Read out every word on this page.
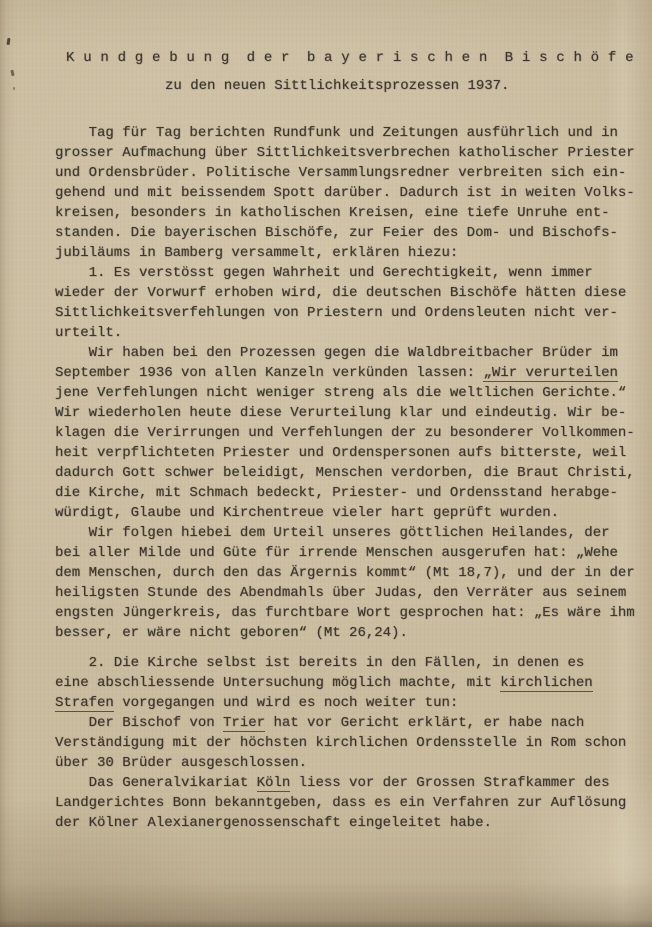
K u n d g e b u n g  d e r  b a y e r i s c h e n  B i s c h ö f e
zu den neuen Sittlichkeitsprozessen 1937.
Tag für Tag berichten Rundfunk und Zeitungen ausführlich und in
grosser Aufmachung über Sittlichkeitsverbrechen katholischer Priester
und Ordensbrüder. Politische Versammlungsredner verbreiten sich ein-
gehend und mit beissendem Spott darüber. Dadurch ist in weiten Volks-
kreisen, besonders in katholischen Kreisen, eine tiefe Unruhe ent-
standen. Die bayerischen Bischöfe, zur Feier des Dom- und Bischofs-
jubiläums in Bamberg versammelt, erklären hiezu:
1. Es verstösst gegen Wahrheit und Gerechtigkeit, wenn immer
wieder der Vorwurf erhoben wird, die deutschen Bischöfe hätten diese
Sittlichkeitsverfehlungen von Priestern und Ordensleuten nicht ver-
urteilt.
Wir haben bei den Prozessen gegen die Waldbreitbacher Brüder im
September 1936 von allen Kanzeln verkünden lassen: „Wir verurteilen
jene Verfehlungen nicht weniger streng als die weltlichen Gerichte.“
Wir wiederholen heute diese Verurteilung klar und eindeutig. Wir be-
klagen die Verirrungen und Verfehlungen der zu besonderer Vollkommen-
heit verpflichteten Priester und Ordenspersonen aufs bitterste, weil
dadurch Gott schwer beleidigt, Menschen verdorben, die Braut Christi,
die Kirche, mit Schmach bedeckt, Priester- und Ordensstand herabge-
würdigt, Glaube und Kirchentreue vieler hart geprüft wurden.
Wir folgen hiebei dem Urteil unseres göttlichen Heilandes, der
bei aller Milde und Güte für irrende Menschen ausgerufen hat: „Wehe
dem Menschen, durch den das Ärgernis kommt“ (Mt 18,7), und der in der
heiligsten Stunde des Abendmahls über Judas, den Verräter aus seinem
engsten Jüngerkreis, das furchtbare Wort gesprochen hat: „Es wäre ihm
besser, er wäre nicht geboren“ (Mt 26,24).
2. Die Kirche selbst ist bereits in den Fällen, in denen es
eine abschliessende Untersuchung möglich machte, mit kirchlichen
Strafen vorgegangen und wird es noch weiter tun:
Der Bischof von Trier hat vor Gericht erklärt, er habe nach
Verständigung mit der höchsten kirchlichen Ordensstelle in Rom schon
über 30 Brüder ausgeschlossen.
Das Generalvikariat Köln liess vor der Grossen Strafkammer des
Landgerichtes Bonn bekanntgeben, dass es ein Verfahren zur Auflösung
der Kölner Alexianergenossenschaft eingeleitet habe.
